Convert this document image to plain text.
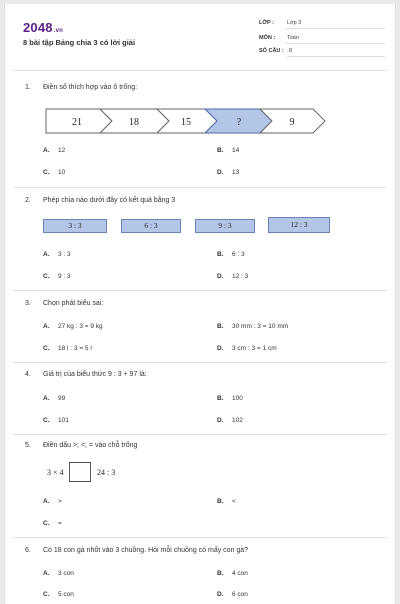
2048.vn
8 bài tập Bảng chia 3 có lời giải
LỚP : Lớp 3
MÔN : Toán
SỐ CÂU : 8
1. Điền số thích hợp vào ô trống:
21	18	15	?	9
A. 12	B. 14
C. 10	D. 13
2. Phép chia nào dưới đây có kết quả bằng 3
3 : 3	6 : 3	9 : 3	12 : 3
A. 3 : 3	B. 6 : 3
C. 9 : 3	D. 12 : 3
3. Chọn phát biểu sai:
A. 27 kg : 3 = 9 kg	B. 30 mm : 3 = 10 mm
C. 18 l : 3 = 5 l	D. 3 cm : 3 = 1 cm
4. Giá trị của biểu thức 9 : 3 + 97 là:
A. 99	B. 100
C. 101	D. 102
5. Điền dấu >; <; = vào chỗ trống
3 × 4	24 : 3
A. >	B. <
C. =
6. Có 18 con gà nhốt vào 3 chuồng. Hỏi mỗi chuồng có mấy con gà?
A. 3 con	B. 4 con
C. 5 con	D. 6 con
